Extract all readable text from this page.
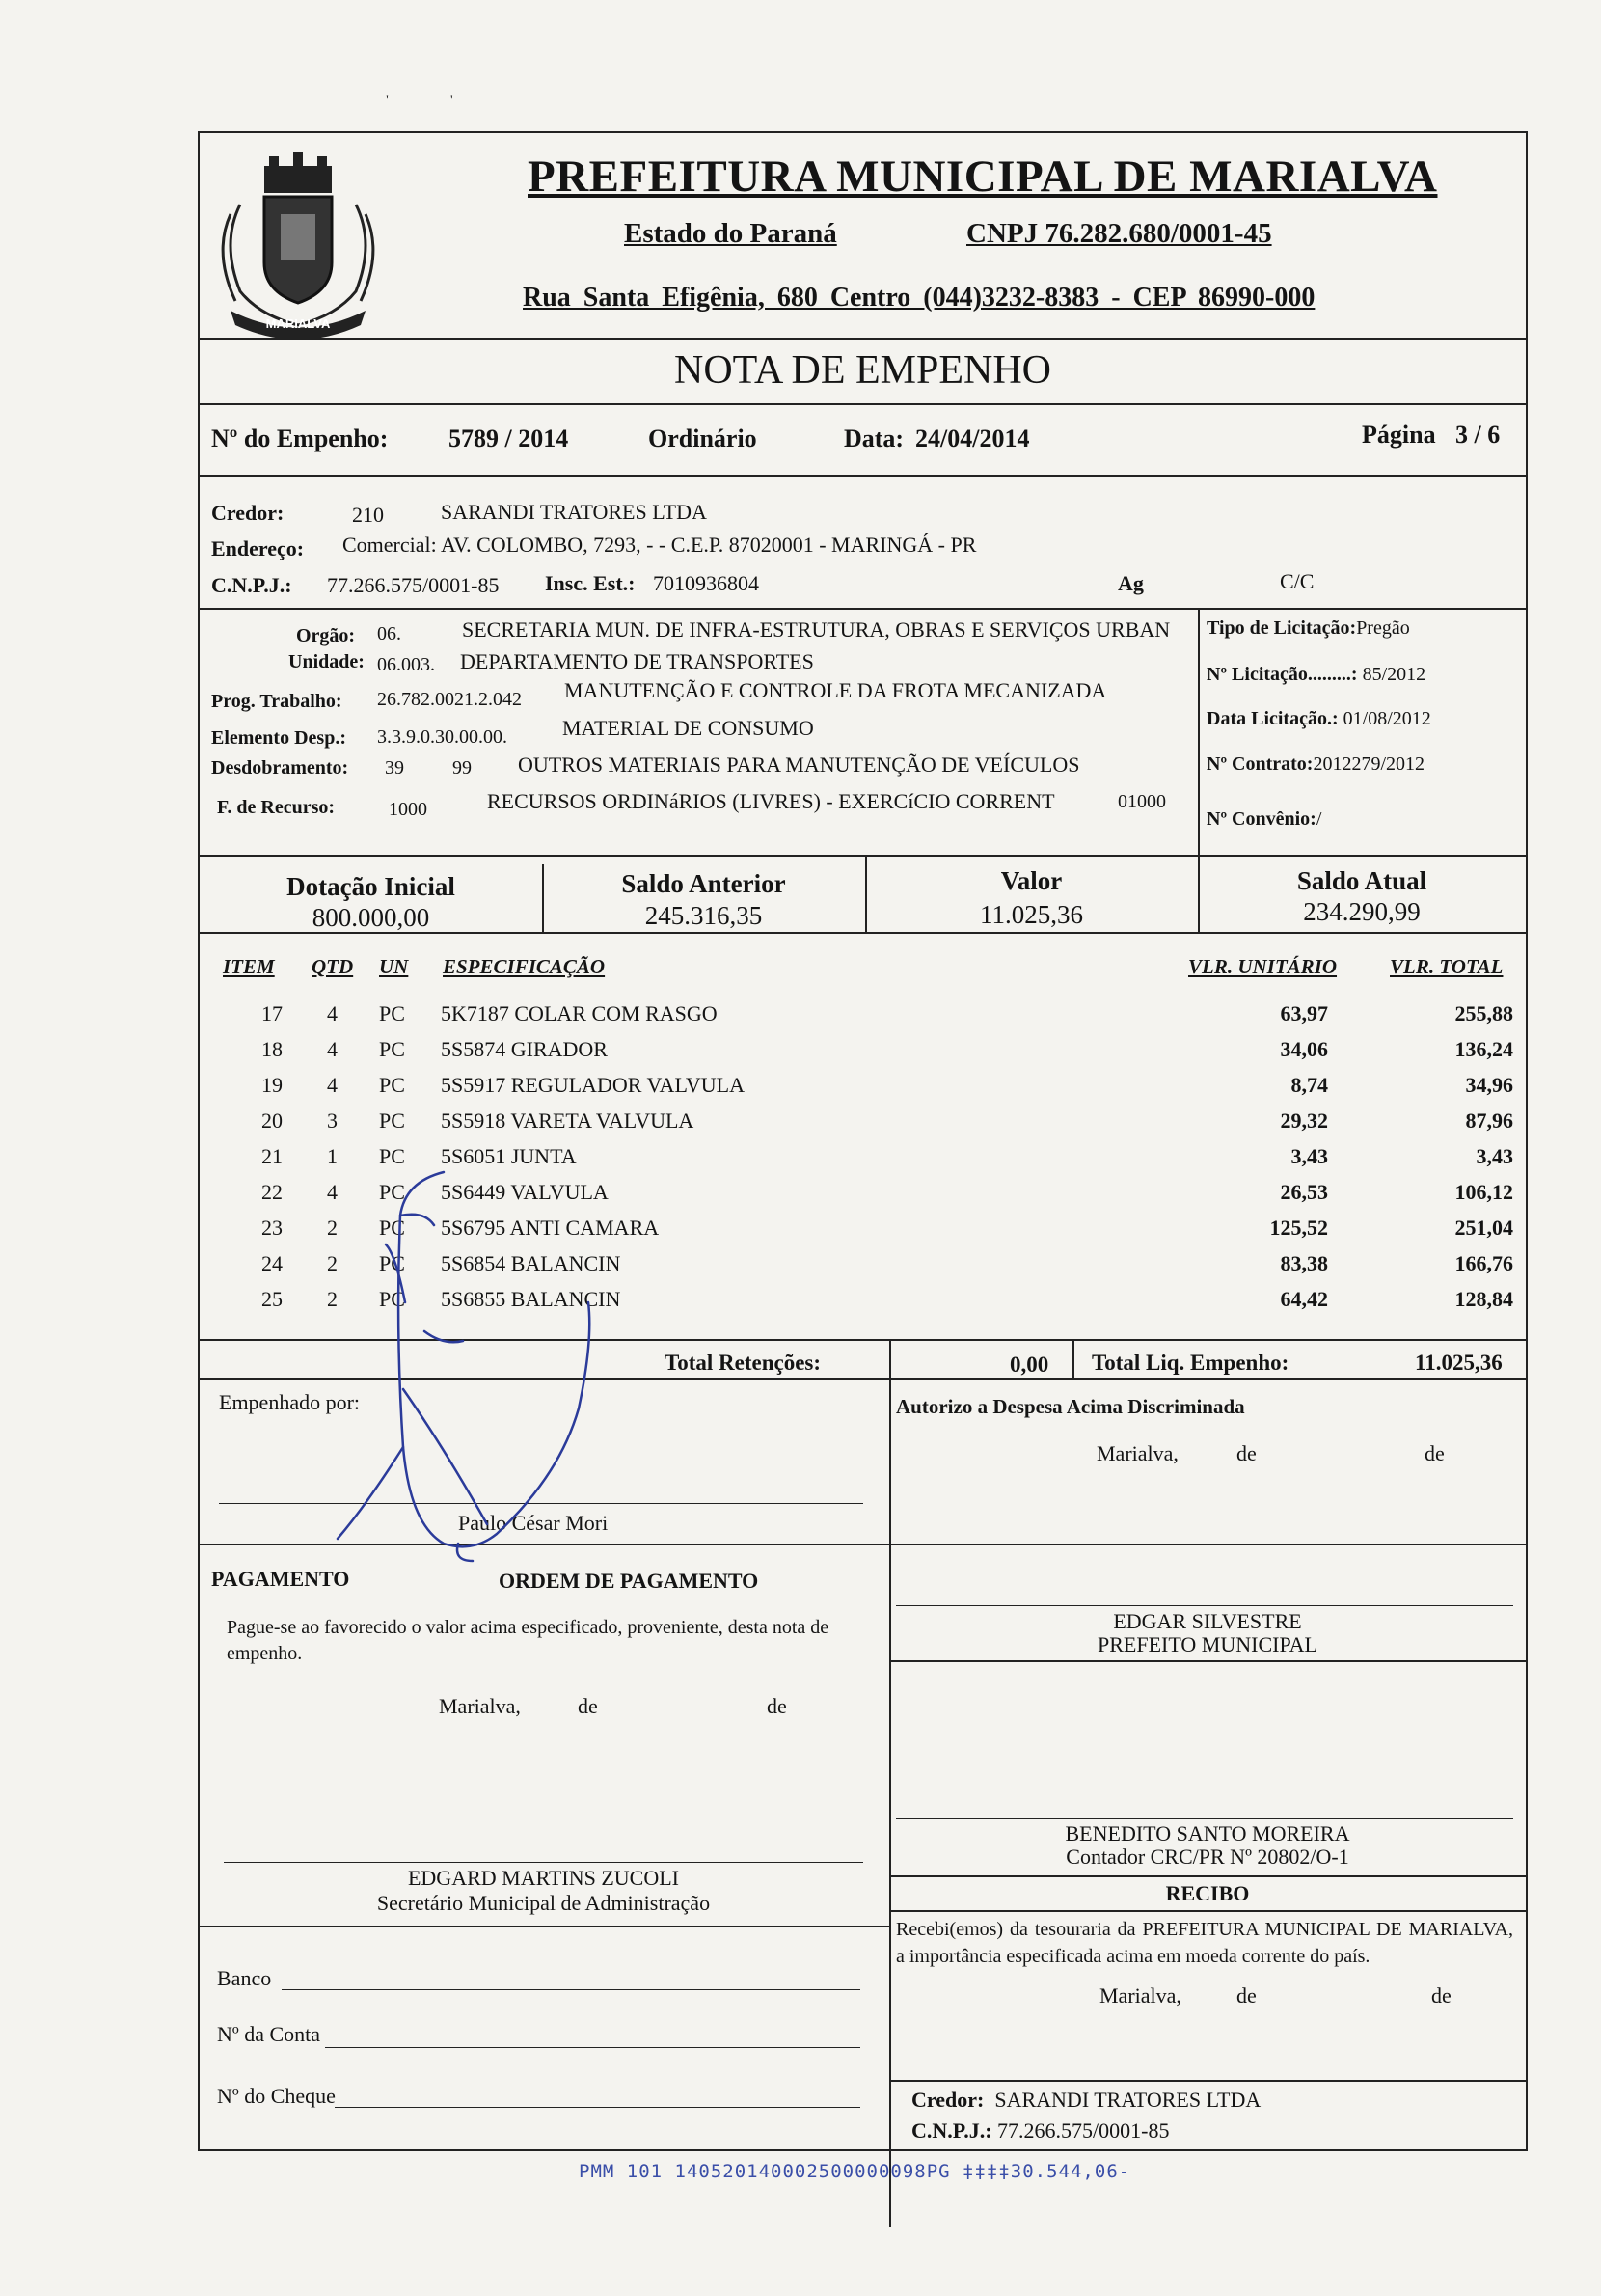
'                '
MARIALVA
PREFEITURA MUNICIPAL DE MARIALVA
Estado do Paraná	CNPJ 76.282.680/0001-45
Rua Santa Efigênia, 680 Centro (044)3232-8383 - CEP 86990-000
NOTA DE EMPENHO
Nº do Empenho: 5789 / 2014	Ordinário	Data: 24/04/2014	Página 3 / 6
Credor:	210	SARANDI TRATORES LTDA
Endereço: Comercial: AV. COLOMBO, 7293, - - C.E.P. 87020001 - MARINGÁ - PR
C.N.P.J.: 77.266.575/0001-85 Insc. Est.: 7010936804	Ag	C/C
Orgão: 06.	SECRETARIA MUN. DE INFRA-ESTRUTURA, OBRAS E SERVIÇOS URBAN
Unidade: 06.003. DEPARTAMENTO DE TRANSPORTES
Prog. Trabalho: 26.782.0021.2.042 MANUTENÇÃO E CONTROLE DA FROTA MECANIZADA
Elemento Desp.: 3.3.9.0.30.00.00.	MATERIAL DE CONSUMO
Desdobramento: 39	99 OUTROS MATERIAIS PARA MANUTENÇÃO DE VEÍCULOS
F. de Recurso:	1000	RECURSOS ORDINáRIOS (LIVRES) - EXERCíCIO CORRENT	01000
Tipo de Licitação:Pregão
Nº Licitação.........: 85/2012
Data Licitação.: 01/08/2012
Nº Contrato:2012279/2012
Nº Convênio:/
Dotação Inicial
800.000,00
Saldo Anterior
245.316,35
Valor
11.025,36
Saldo Atual
234.290,99
ITEM QTD UN ESPECIFICAÇÃO	VLR. UNITÁRIO	VLR. TOTAL
17 4 PC 5K7187 COLAR COM RASGO	63,97	255,88
18 4 PC 5S5874 GIRADOR	34,06	136,24
19 4 PC 5S5917 REGULADOR VALVULA	8,74	34,96
20 3 PC 5S5918 VARETA VALVULA	29,32	87,96
21 1 PC 5S6051 JUNTA	3,43	3,43
22 4 PC 5S6449 VALVULA	26,53	106,12
23 2 PC 5S6795 ANTI CAMARA	125,52	251,04
24 2 PC 5S6854 BALANCIN	83,38	166,76
25 2 PC 5S6855 BALANCIN	64,42	128,84
Total Retenções:	0,00 Total Liq. Empenho:	11.025,36
Empenhado por:
Paulo César Mori
Autorizo a Despesa Acima Discriminada
Marialva,	de	de
PAGAMENTO	ORDEM DE PAGAMENTO
Pague-se ao favorecido o valor acima especificado, proveniente, desta nota de empenho.
Marialva,	de	de
EDGARD MARTINS ZUCOLI
Secretário Municipal de Administração
Banco
Nº da Conta
Nº do Cheque
EDGAR SILVESTRE
PREFEITO MUNICIPAL
BENEDITO SANTO MOREIRA
Contador CRC/PR Nº 20802/O-1
RECIBO
Recebi(emos) da tesouraria da PREFEITURA MUNICIPAL DE MARIALVA, a importância especificada acima em moeda corrente do país.
Marialva,	de	de
Credor: SARANDI TRATORES LTDA
C.N.P.J.: 77.266.575/0001-85
PMM 101 140520140002500000098PG ‡‡‡‡30.544,06-
